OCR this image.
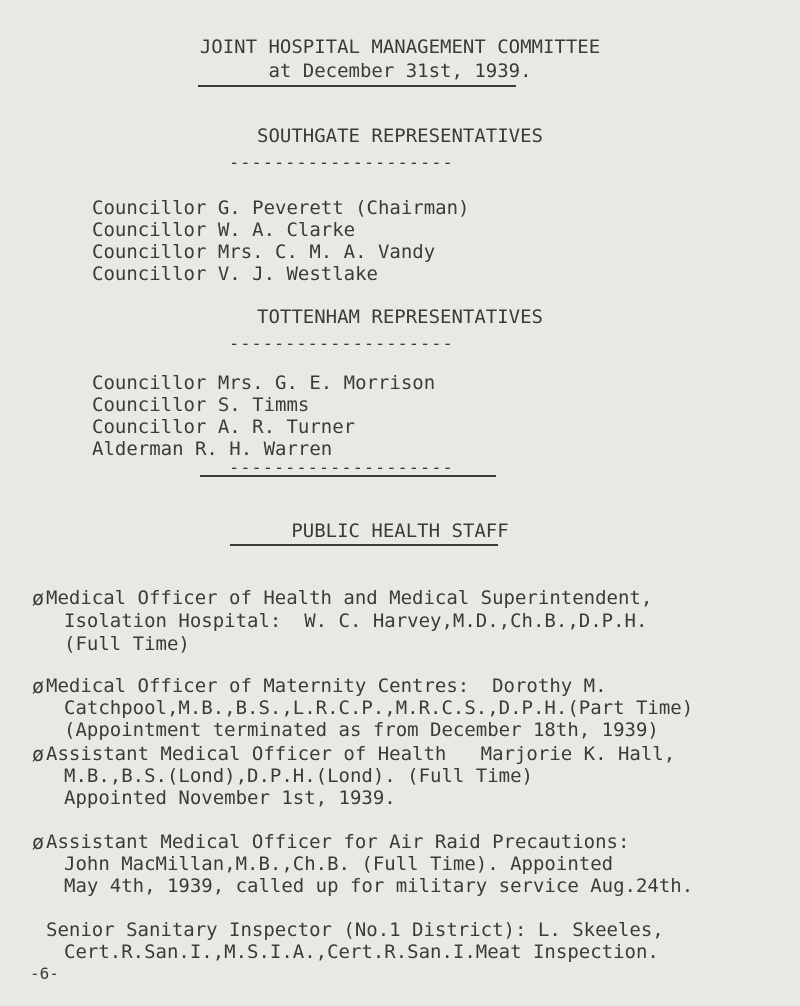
JOINT HOSPITAL MANAGEMENT COMMITTEE
at December 31st, 1939.
SOUTHGATE REPRESENTATIVES
--------------------
Councillor G. Peverett (Chairman)
Councillor W. A. Clarke
Councillor Mrs. C. M. A. Vandy
Councillor V. J. Westlake
TOTTENHAM REPRESENTATIVES
--------------------
Councillor Mrs. G. E. Morrison
Councillor S. Timms
Councillor A. R. Turner
Alderman R. H. Warren
--------------------
PUBLIC HEALTH STAFF
ø Medical Officer of Health and Medical Superintendent,
Isolation Hospital:  W. C. Harvey,M.D.,Ch.B.,D.P.H.
(Full Time)
ø Medical Officer of Maternity Centres:  Dorothy M.
Catchpool,M.B.,B.S.,L.R.C.P.,M.R.C.S.,D.P.H.(Part Time)
(Appointment terminated as from December 18th, 1939)
ø Assistant Medical Officer of Health   Marjorie K. Hall,
M.B.,B.S.(Lond),D.P.H.(Lond). (Full Time)
Appointed November 1st, 1939.
ø Assistant Medical Officer for Air Raid Precautions:
John MacMillan,M.B.,Ch.B. (Full Time). Appointed
May 4th, 1939, called up for military service Aug.24th.
Senior Sanitary Inspector (No.1 District): L. Skeeles,
Cert.R.San.I.,M.S.I.A.,Cert.R.San.I.Meat Inspection.
-6-
